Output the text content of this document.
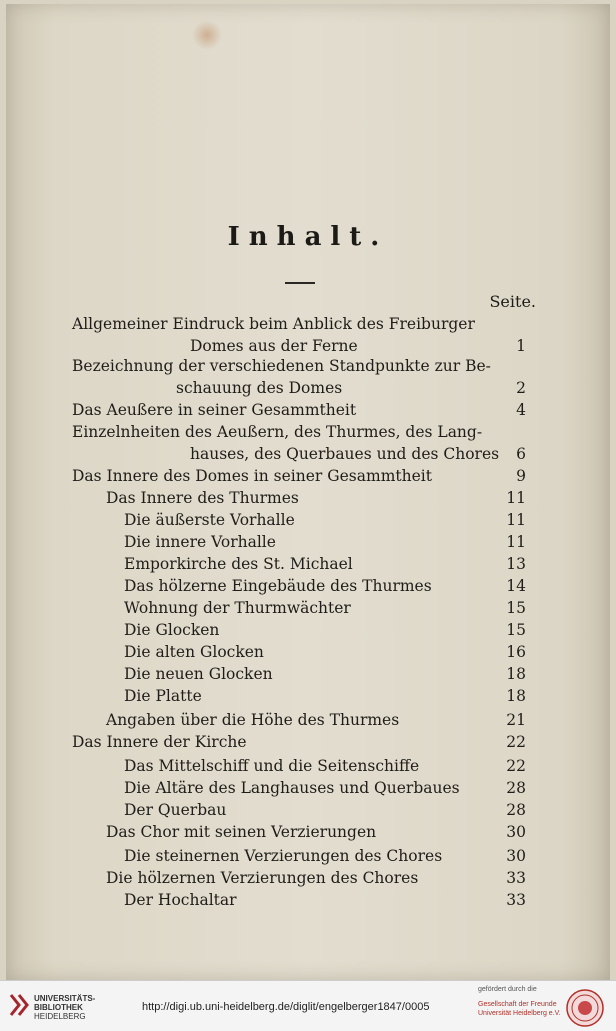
Inhalt.
Seite.
Allgemeiner Eindruck beim Anblick des Freiburger
Domes aus der Ferne	1
Bezeichnung der verschiedenen Standpunkte zur Be-
schauung des Domes	2
Das Aeußere in seiner Gesammtheit	4
Einzelnheiten des Aeußern, des Thurmes, des Lang-
hauses, des Querbaues und des Chores 6
Das Innere des Domes in seiner Gesammtheit	9
Das Innere des Thurmes	11
Die äußerste Vorhalle	11
Die innere Vorhalle	11
Emporkirche des St. Michael	13
Das hölzerne Eingebäude des Thurmes	14
Wohnung der Thurmwächter	15
Die Glocken	15
Die alten Glocken	16
Die neuen Glocken	18
Die Platte	18
Angaben über die Höhe des Thurmes	21
Das Innere der Kirche	22
Das Mittelschiff und die Seitenschiffe	22
Die Altäre des Langhauses und Querbaues	28
Der Querbau	28
Das Chor mit seinen Verzierungen	30
Die steinernen Verzierungen des Chores	30
Die hölzernen Verzierungen des Chores	33
Der Hochaltar	33
UNIVERSITÄTS-
BIBLIOTHEK
HEIDELBERG
http://digi.ub.uni-heidelberg.de/diglit/engelberger1847/0005
gefördert durch die
Gesellschaft der Freunde
Universität Heidelberg e.V.
